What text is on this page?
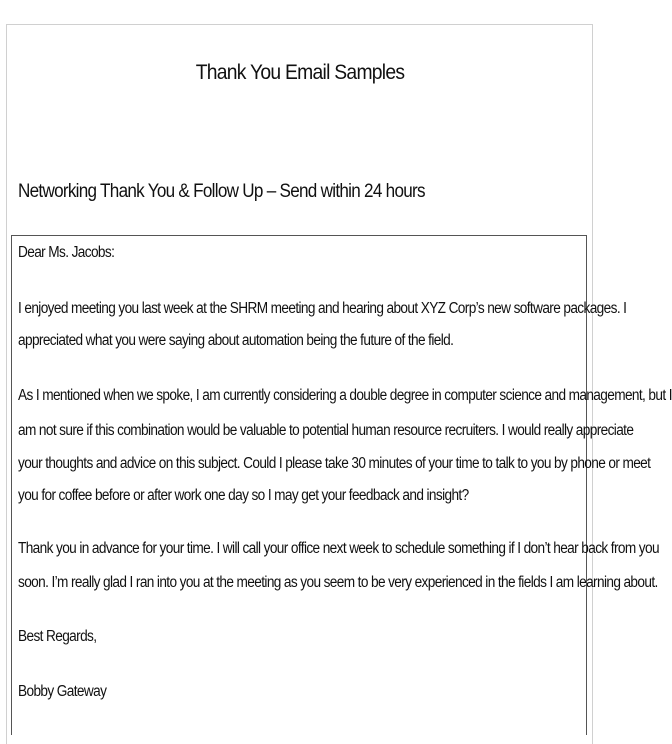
Thank You Email Samples
Networking Thank You & Follow Up – Send within 24 hours
Dear Ms. Jacobs:
I enjoyed meeting you last week at the SHRM meeting and hearing about XYZ Corp’s new software packages. I
appreciated what you were saying about automation being the future of the field.
As I mentioned when we spoke, I am currently considering a double degree in computer science and management, but I
am not sure if this combination would be valuable to potential human resource recruiters. I would really appreciate
your thoughts and advice on this subject. Could I please take 30 minutes of your time to talk to you by phone or meet
you for coffee before or after work one day so I may get your feedback and insight?
Thank you in advance for your time. I will call your office next week to schedule something if I don’t hear back from you
soon. I’m really glad I ran into you at the meeting as you seem to be very experienced in the fields I am learning about.
Best Regards,
Bobby Gateway
